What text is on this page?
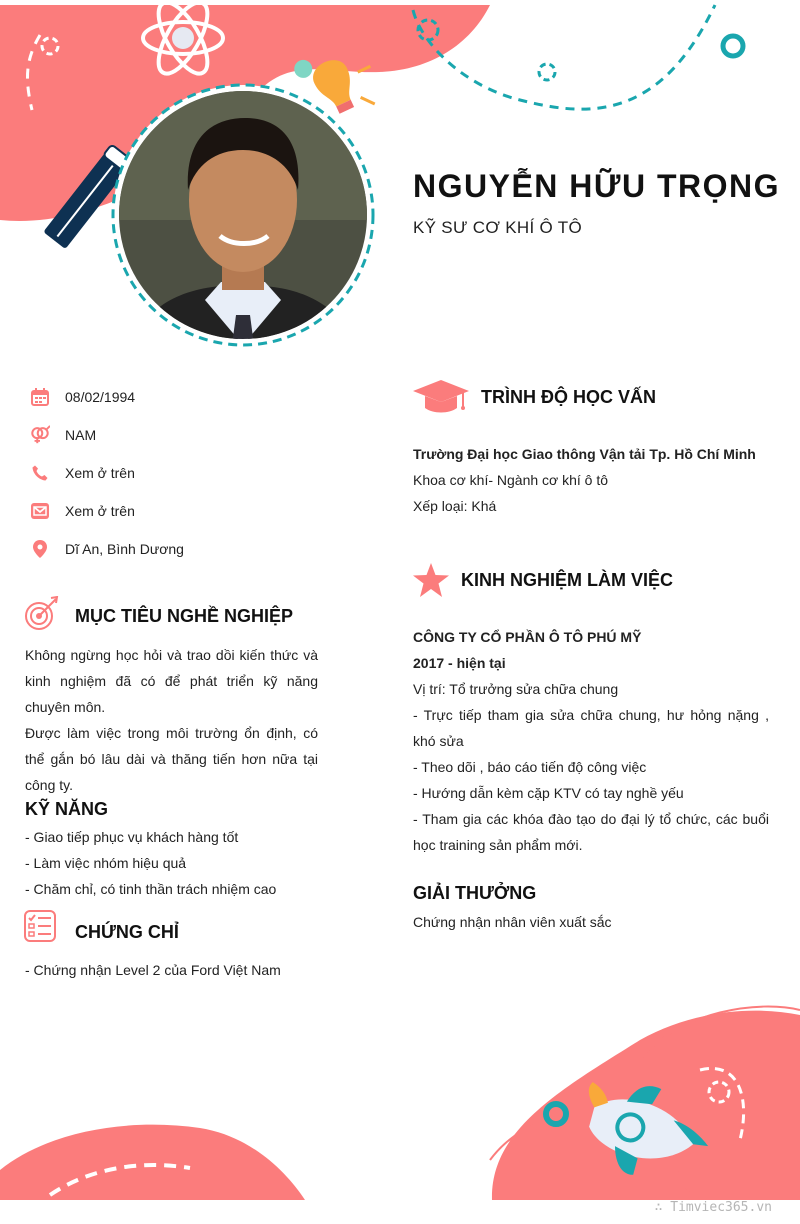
NGUYỄN HỮU TRỌNG
KỸ SƯ CƠ KHÍ Ô TÔ
08/02/1994
NAM
Xem ở trên
Xem ở trên
Dĩ An, Bình Dương
MỤC TIÊU NGHỀ NGHIỆP
Không ngừng học hỏi và trao dồi kiến thức và kinh nghiệm đã có để phát triển kỹ năng chuyên môn.
Được làm việc trong môi trường ổn định, có thể gắn bó lâu dài và thăng tiến hơn nữa tại công ty.
KỸ NĂNG
- Giao tiếp phục vụ khách hàng tốt
- Làm việc nhóm hiệu quả
- Chăm chỉ, có tinh thần trách nhiệm cao
CHỨNG CHỈ
- Chứng nhận Level 2 của Ford Việt Nam
TRÌNH ĐỘ HỌC VẤN
Trường Đại học Giao thông Vận tải Tp. Hồ Chí Minh
Khoa cơ khí- Ngành cơ khí ô tô
Xếp loại: Khá
KINH NGHIỆM LÀM VIỆC
CÔNG TY CỔ PHẦN Ô TÔ PHÚ MỸ
2017 - hiện tại
Vị trí: Tổ trưởng sửa chữa chung
- Trực tiếp tham gia sửa chữa chung, hư hỏng nặng , khó sửa
- Theo dõi , báo cáo tiến độ công việc
- Hướng dẫn kèm cặp KTV có tay nghề yếu
- Tham gia các khóa đào tạo do đại lý tổ chức, các buổi học training sản phẩm mới.
GIẢI THƯỞNG
Chứng nhận nhân viên xuất sắc
∴ Timviec365.vn
